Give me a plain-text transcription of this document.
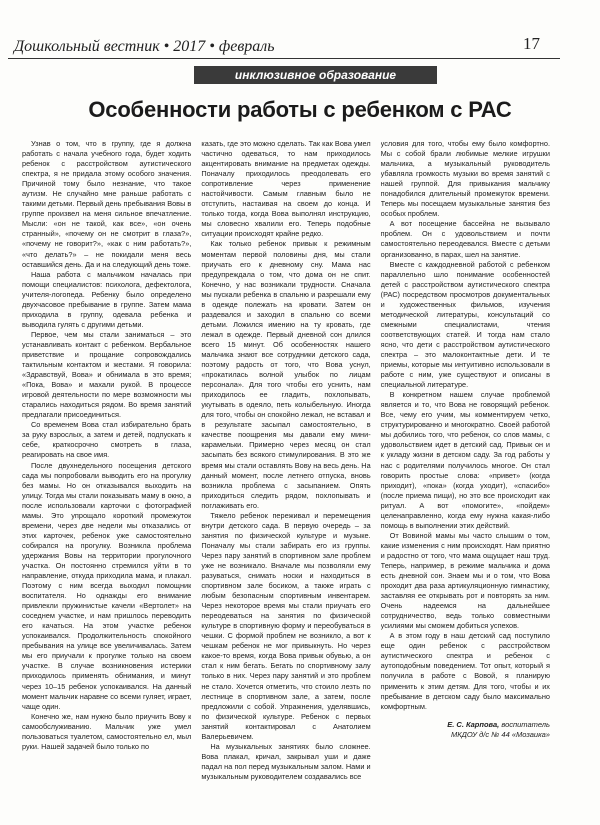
Дошкольный вестник • 2017 • февраль	17
инклюзивное образование
Особенности работы с ребенком с РАС

Узнав о том, что в группу, где я должна работать с начала учебного года, будет ходить ребенок с расстройством аутистического спектра, я не придала этому особого значения. Причиной тому было незнание, что такое аутизм. Не случайно мне раньше работать с такими детьми. Первый день пребывания Вовы в группе произвел на меня сильное впечатление. Мысли: «он не такой, как все», «он очень странный», «почему он не смотрит в глаза?», «почему не говорит?», «как с ним работать?», «что делать?» – не покидали меня весь оставшийся день. Да и на следующий день тоже.

Наша работа с мальчиком началась при помощи специалистов: психолога, дефектолога, учителя-логопеда. Ребенку было определено двухчасовое пребывание в группе. Затем мама приходила в группу, одевала ребенка и выводила гулять с другими детьми.

Первое, чем мы стали заниматься – это устанавливать контакт с ребенком. Вербальное приветствие и прощание сопровождались тактильным контактом и жестами. Я говорила: «Здравствуй, Вова» и обнимала в это время; «Пока, Вова» и махали рукой. В процессе игровой деятельности по мере возможности мы старались находиться рядом. Во время занятий предлагали присоединиться.

Со временем Вова стал избирательно брать за руку взрослых, а затем и детей, подпускать к себе, краткосрочно смотреть в глаза, реагировать на свое имя.

После двухнедельного посещения детского сада мы попробовали выводить его на прогулку без мамы. Но он отказывался выходить на улицу. Тогда мы стали показывать маму в окно, а после использовали карточки с фотографией мамы. Это упрощало короткий промежуток времени, через две недели мы отказались от этих карточек, ребенок уже самостоятельно собирался на прогулку. Возникла проблема удержания Вовы на территории прогулочного участка. Он постоянно стремился уйти в то направление, откуда приходила мама, и плакал. Поэтому с ним всегда выходил помощник воспитателя. Но однажды его внимание привлекли пружинистые качели «Вертолет» на соседнем участке, и нам пришлось переводить его качаться. На этом участке ребенок успокаивался. Продолжительность спокойного пребывания на улице все увеличивалась. Затем мы его приучали к прогулке только на своем участке. В случае возникновения истерики приходилось применять обнимания, и минут через 10–15 ребенок успокаивался. На данный момент мальчик наравне со всеми гуляет, играет, чаще один.

Конечно же, нам нужно было приучить Вову к самообслуживанию. Мальчик уже умел пользоваться туалетом, самостоятельно ел, мыл руки. Нашей задачей было только по

казать, где это можно сделать. Так как Вова умел частично одеваться, то нам приходилось акцентировать внимание на предметах одежды. Поначалу приходилось преодолевать его сопротивление через применение настойчивости. Самым главным было не отступить, настаивая на своем до конца. И только тогда, когда Вова выполнял инструкцию, мы словесно хвалили его. Теперь подобные ситуации происходят крайне редко.

Как только ребенок привык к режимным моментам первой половины дня, мы стали приучать его к дневному сну. Мама нас предупреждала о том, что дома он не спит. Конечно, у нас возникали трудности. Сначала мы пускали ребенка в спальню и разрешали ему в одежде полежать на кровати. Затем он раздевался и заходил в спальню со всеми детьми. Ложился имению на ту кровать, где лежал в одежде. Первый дневной сон длился всего 15 минут. Об особенностях нашего мальчика знают все сотрудники детского сада, поэтому радость от того, что Вова уснул, «прокатилась волной улыбок по лицам персонала». Для того чтобы его уснить, нам приходилось ее гладить, похлопывать, укутывать в одеяло, петь колыбельную. Иногда для того, чтобы он спокойно лежал, не вставал и в результате засыпал самостоятельно, в качестве поощрения мы давали ему мини-карамельки. Примерно через месяц он стал засыпать без всякого стимулирования. В это же время мы стали оставлять Вову на весь день. На данный момент, после летнего отпуска, вновь возникла проблема с засыпанием. Опять приходиться следить рядом, похлопывать и поглаживать его.

Тяжело ребенок переживал и перемещения внутри детского сада. В первую очередь – за занятия по физической культуре и музыке. Поначалу мы стали забирать его из группы. Через пару занятий в спортивном зале проблем уже не возникало. Вначале мы позволяли ему разуваться, снимать носки и находиться в спортивном зале босиком, а также играть с любым безопасным спортивным инвентарем. Через некоторое время мы стали приучать его переодеваться на занятия по физической культуре в спортивную форму и переобуваться в чешки. С формой проблем не возникло, а вот к чешкам ребенок не мог привыкнуть. Но через какое-то время, когда Вова привык обувью, а он стал к ним бегать. Бегать по спортивному залу только в них. Через пару занятий и это проблем не стало. Хочется отметить, что стоило лезть по лестнице в спортивном зале, а затем, после предложили с собой. Упражнения, уделявшись, по физической культуре. Ребенок с первых занятий контактировал с Анатолием Валерьевичем.

На музыкальных занятиях было сложнее. Вова плакал, кричал, закрывал уши и даже падал на пол перед музыкальным залом. Нами и музыкальным руководителем создавались все

условия для того, чтобы ему было комфортно. Мы с собой брали любимые мелкие игрушки мальчика, а музыкальный руководитель убавляла громкость музыки во время занятий с нашей группой. Для привыкания мальчику понадобился длительный промежуток времени. Теперь мы посещаем музыкальные занятия без особых проблем.

А вот посещение бассейна не вызывало проблем. Он с удовольствием и почти самостоятельно переодевался. Вместе с детьми организованно, в парах, шел на занятие.

Вместе с каждодневной работой с ребенком параллельно шло понимание особенностей детей с расстройством аутистического спектра (РАС) посредством просмотров документальных и художественных фильмов, изучения методической литературы, консультаций со смежными специалистами, чтения соответствующих статей. И тогда нам стало ясно, что дети с расстройством аутистического спектра – это малоконтактные дети. И те приемы, которые мы интуитивно использовали в работе с ним, уже существуют и описаны в специальной литературе.

В конкретном нашем случае проблемой является и то, что Вова не говорящий ребенок. Все, чему его учим, мы комментируем четко, структурированно и многократно. Своей работой мы добились того, что ребенок, со слов мамы, с удовольствием идет в детский сад. Привык он и к укладу жизни в детском саду. За год работы у нас с родителями получилось многое. Он стал говорить простые слова: «привет» (когда приходит), «пока» (когда уходит), «спасибо» (после приема пищи), но это все происходит как ритуал. А вот «помогите», «пойдем» целенаправленно, когда ему нужна какая-либо помощь в выполнении этих действий.

От Вовиной мамы мы часто слышим о том, какие изменения с ним происходят. Нам приятно и радостно от того, что мама ощущает наш труд. Теперь, например, в режиме мальчика и дома есть дневной сон. Знаем мы и о том, что Вова проходит два раза артикуляционную гимнастику, заставляя ее открывать рот и повторять за ним. Очень надеемся на дальнейшее сотрудничество, ведь только совместными усилиями мы сможем добиться успехов.

А в этом году в наш детский сад поступило еще один ребенок с расстройством аутистического спектра и ребенок с аутоподобным поведением. Тот опыт, который я получила в работе с Вовой, я планирую применить к этим детям. Для того, чтобы и их пребывание в детском саду было максимально комфортным.

Е. С. Карпова, воспитатель
МКДОУ д/с № 44 «Мозаика»
